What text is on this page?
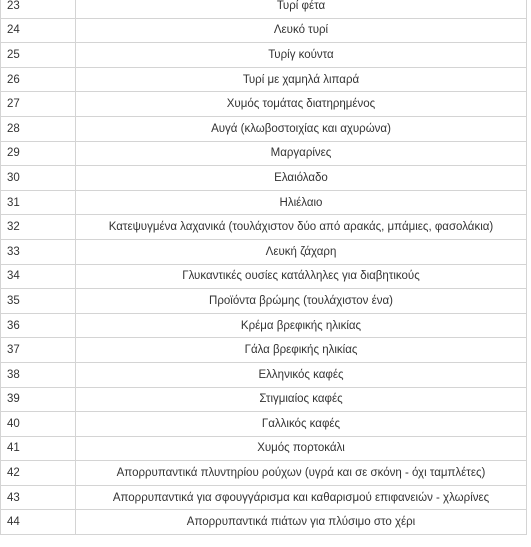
23	Τυρί φέτα
24	Λευκό τυρί
25	Τυρίγ κούντα
26	Τυρί με χαμηλά λιπαρά
27	Χυμός τομάτας διατηρημένος
28	Αυγά (κλωβοστοιχίας και αχυρώνα)
29	Μαργαρίνες
30	Ελαιόλαδο
31	Ηλιέλαιο
32	Κατεψυγμένα λαχανικά (τουλάχιστον δύο από αρακάς, μπάμιες, φασολάκια)
33	Λευκή ζάχαρη
34	Γλυκαντικές ουσίες κατάλληλες για διαβητικούς
35	Προϊόντα βρώμης (τουλάχιστον ένα)
36	Κρέμα βρεφικής ηλικίας
37	Γάλα βρεφικής ηλικίας
38	Ελληνικός καφές
39	Στιγμιαίος καφές
40	Γαλλικός καφές
41	Χυμός πορτοκάλι
42	Απορρυπαντικά πλυντηρίου ρούχων (υγρά και σε σκόνη - όχι ταμπλέτες)
43	Απορρυπαντικά για σφουγγάρισμα και καθαρισμού επιφανειών - χλωρίνες
44	Απορρυπαντικά πιάτων για πλύσιμο στο χέρι
